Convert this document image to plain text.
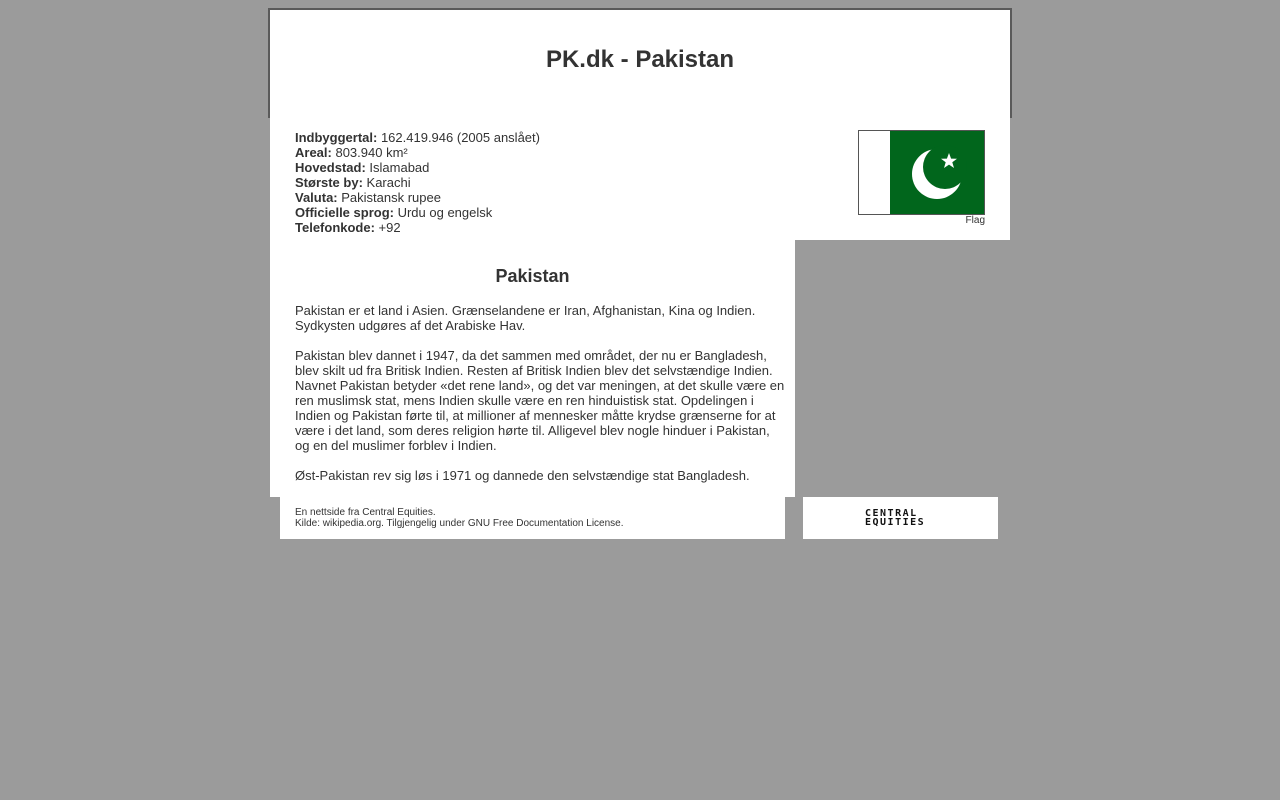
PK.dk - Pakistan
Indbyggertal: 162.419.946 (2005 anslået)
Areal: 803.940 km²
Hovedstad: Islamabad
Største by: Karachi
Valuta: Pakistansk rupee
Officielle sprog: Urdu og engelsk
Telefonkode: +92	Flag
Pakistan

Pakistan er et land i Asien. Grænselandene er Iran, Afghanistan, Kina og Indien. Sydkysten udgøres af det Arabiske Hav.

Pakistan blev dannet i 1947, da det sammen med området, der nu er Bangladesh, blev skilt ud fra Britisk Indien. Resten af Britisk Indien blev det selvstændige Indien. Navnet Pakistan betyder «det rene land», og det var meningen, at det skulle være en ren muslimsk stat, mens Indien skulle være en ren hinduistisk stat. Opdelingen i Indien og Pakistan førte til, at millioner af mennesker måtte krydse grænserne for at være i det land, som deres religion hørte til. Alligevel blev nogle hinduer i Pakistan, og en del muslimer forblev i Indien.

Øst-Pakistan rev sig løs i 1971 og dannede den selvstændige stat Bangladesh.

En nettside fra Central Equities.
Kilde: wikipedia.org. Tilgjengelig under GNU Free Documentation License.
CENTRAL
EQUITIES
